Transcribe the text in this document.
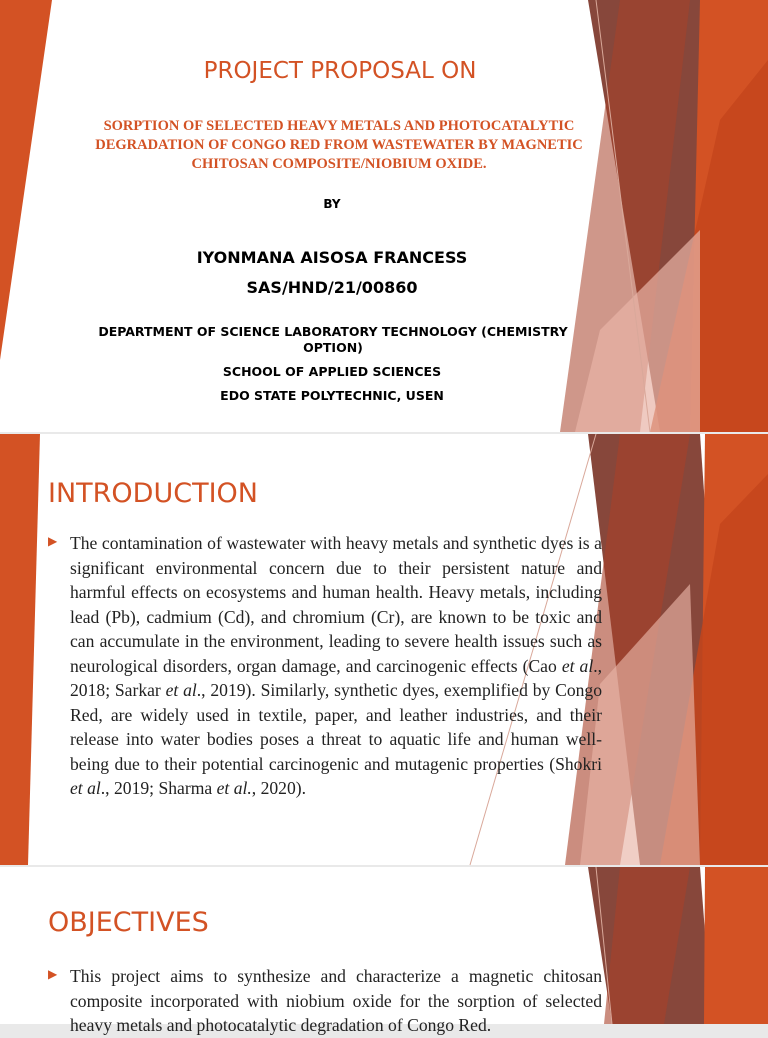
PROJECT PROPOSAL ON
SORPTION OF SELECTED HEAVY METALS AND PHOTOCATALYTIC DEGRADATION OF CONGO RED FROM WASTEWATER BY MAGNETIC CHITOSAN COMPOSITE/NIOBIUM OXIDE.
BY
IYONMANA AISOSA FRANCESS
SAS/HND/21/00860
DEPARTMENT OF SCIENCE LABORATORY TECHNOLOGY (CHEMISTRY OPTION)
SCHOOL OF APPLIED SCIENCES
EDO STATE POLYTECHNIC, USEN
INTRODUCTION
▶ The contamination of wastewater with heavy metals and synthetic dyes is a significant environmental concern due to their persistent nature and harmful effects on ecosystems and human health. Heavy metals, including lead (Pb), cadmium (Cd), and chromium (Cr), are known to be toxic and can accumulate in the environment, leading to severe health issues such as neurological disorders, organ damage, and carcinogenic effects (Cao et al., 2018; Sarkar et al., 2019). Similarly, synthetic dyes, exemplified by Congo Red, are widely used in textile, paper, and leather industries, and their release into water bodies poses a threat to aquatic life and human well-being due to their potential carcinogenic and mutagenic properties (Shokri et al., 2019; Sharma et al., 2020).
OBJECTIVES
▶ This project aims to synthesize and characterize a magnetic chitosan composite incorporated with niobium oxide for the sorption of selected heavy metals and photocatalytic degradation of Congo Red.
